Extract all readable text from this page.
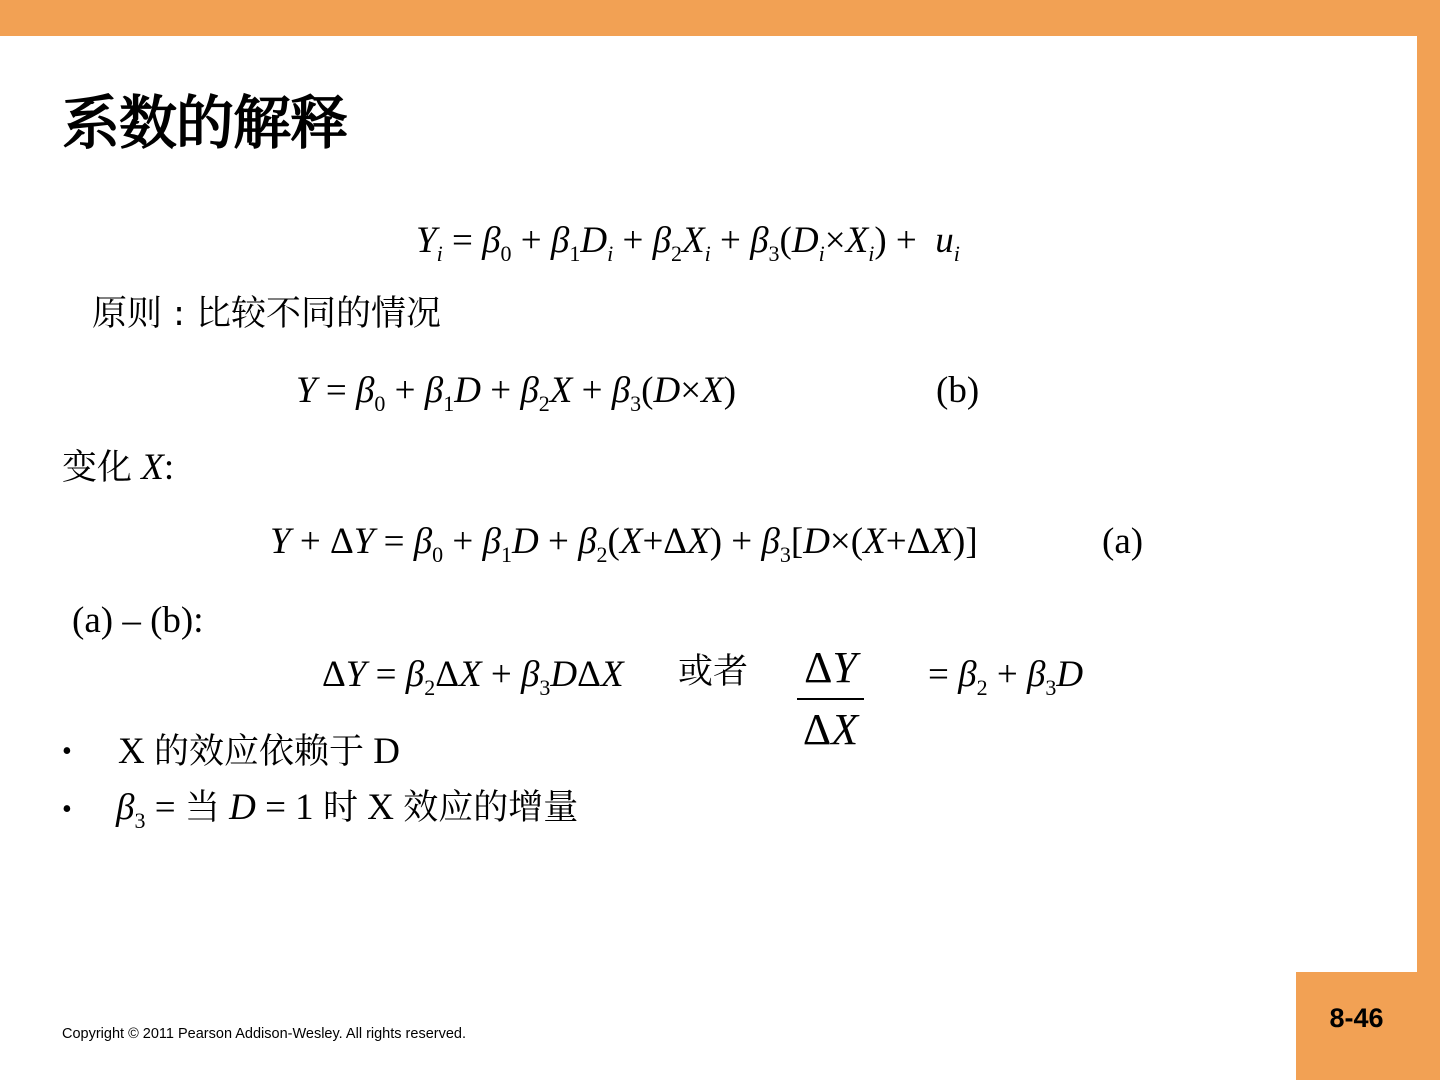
8-46
系数的解释
$Y_i = \beta_0 + \beta_1D_i + \beta_2X_i + \beta_3(D_i\times X_i) + u_i$
原则 : 比较不同的情况
$Y = \beta_0 + \beta_1D + \beta_2X + \beta_3(D\times X)$	(b)
变化 X:
$Y + \Delta Y = \beta_0 + \beta_1D + \beta_2(X+\Delta X) + \beta_3[D\times(X+\Delta X)]$	(a)
(a) – (b):
$\Delta Y = \beta_2\Delta X + \beta_3D\Delta X$ 或者 $\frac{\Delta Y}{\Delta X} = \beta_2 + \beta_3D$
• X 的效应依赖于 D
• $\beta_3$ = 当 D = 1 时 X 效应的增量
Copyright © 2011 Pearson Addison-Wesley. All rights reserved.
